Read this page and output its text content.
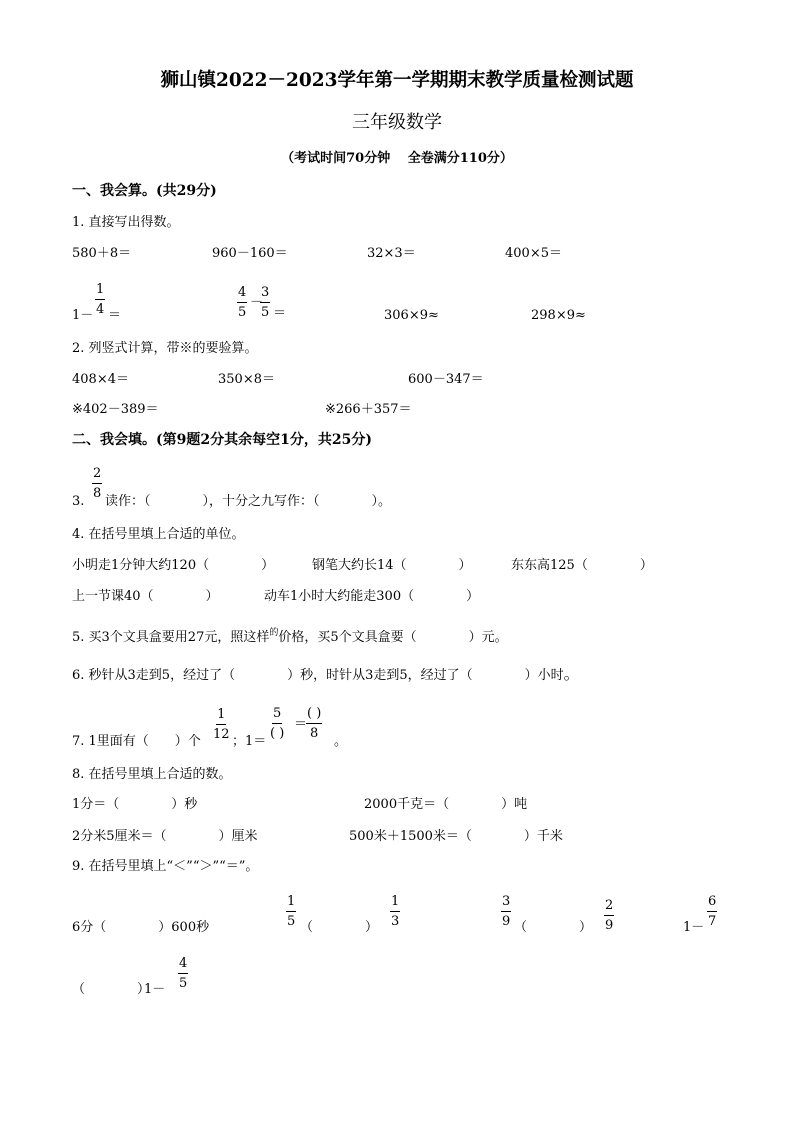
狮山镇2022－2023学年第一学期期末教学质量检测试题
三年级数学
（考试时间70分钟　 全卷满分110分）
一、我会算。(共29分)
1. 直接写出得数。
580＋8＝	960－160＝	32×3＝	400×5＝
$1- \frac{1}{4}$ ＝	$\frac{4}{5}$ －
$\frac{3}{5}$ ＝	306×9≈	298×9≈
2. 列竖式计算，带※的要验算。
408×4＝	350×8＝	600－347＝
※402－389＝	※266＋357＝
二、我会填。(第9题2分其余每空1分，共25分)
3.
$\frac{2}{8}$
读作：（　　　　），十分之九写作：（　　　　）。
4. 在括号里填上合适的单位。
小明走1分钟大约120（　　　　）	钢笔大约长14（　　　　）	东东高125（　　　　）
上一节课40（　　　　）	动车1小时大约能走300（　　　　）
5. 买3个文具盒要用27元，照这样$^的$价格，买5个文具盒要（　　　　）元。
6. 秒针从3走到5，经过了（　　　　）秒，时针从3走到5，经过了（　　　　）小时。
7. 1里面有（　　）个
$\frac{1}{12}$
；1＝
5
( )
＝
( )
8
。
8. 在括号里填上合适的数。
1分＝（　　　　）秒	2000千克＝（　　　　）吨
2分米5厘米＝（　　　　）厘米	500米＋1500米＝（　　　　）千米
9. 在括号里填上“＜”“＞”“＝”。
6分（　　　　）600秒	$\frac{1}{5}$ （　　　　） $\frac{1}{3}$	$\frac{3}{9}$ （　　　　） $\frac{2}{9}$	$1- \frac{6}{7}$
（　　　　）
$1- \frac{4}{5}$
